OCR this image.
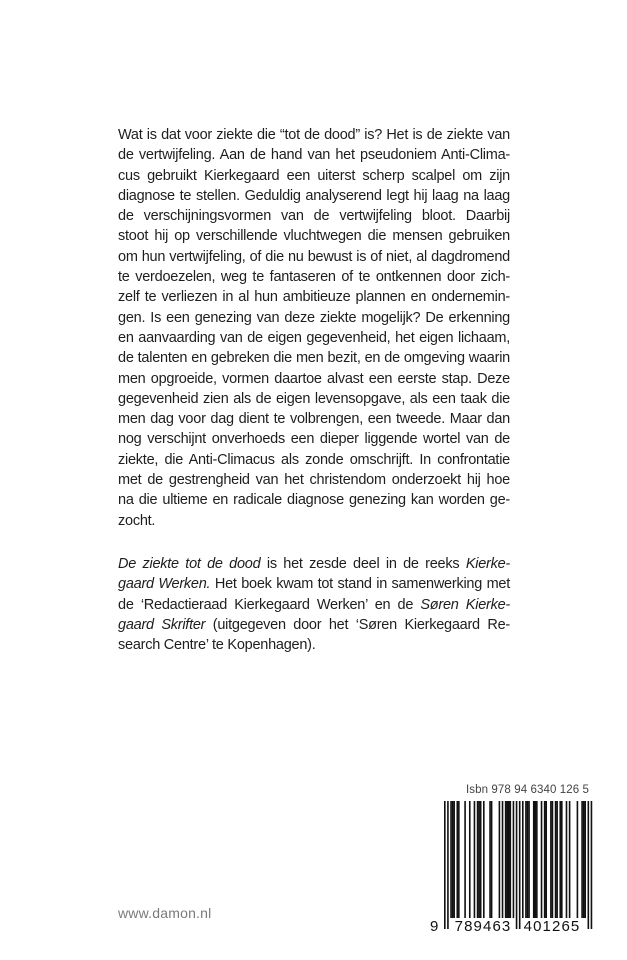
Wat is dat voor ziekte die “tot de dood” is? Het is de ziekte van
de vertwijfeling. Aan de hand van het pseudoniem Anti-Clima-
cus gebruikt Kierkegaard een uiterst scherp scalpel om zijn
diagnose te stellen. Geduldig analyserend legt hij laag na laag
de verschijningsvormen van de vertwijfeling bloot. Daarbij
stoot hij op verschillende vluchtwegen die mensen gebruiken
om hun vertwijfeling, of die nu bewust is of niet, al dagdromend
te verdoezelen, weg te fantaseren of te ontkennen door zich-
zelf te verliezen in al hun ambitieuze plannen en ondernemin-
gen. Is een genezing van deze ziekte mogelijk? De erkenning
en aanvaarding van de eigen gegevenheid, het eigen lichaam,
de talenten en gebreken die men bezit, en de omgeving waarin
men opgroeide, vormen daartoe alvast een eerste stap. Deze
gegevenheid zien als de eigen levensopgave, als een taak die
men dag voor dag dient te volbrengen, een tweede. Maar dan
nog verschijnt onverhoeds een dieper liggende wortel van de
ziekte, die Anti-Climacus als zonde omschrijft. In confrontatie
met de gestrengheid van het christendom onderzoekt hij hoe
na die ultieme en radicale diagnose genezing kan worden ge-
zocht.
De ziekte tot de dood is het zesde deel in de reeks Kierke-
gaard Werken. Het boek kwam tot stand in samenwerking met
de ‘Redactieraad Kierkegaard Werken’ en de Søren Kierke-
gaard Skrifter (uitgegeven door het ‘Søren Kierkegaard Re-
search Centre’ te Kopenhagen).
www.damon.nl
Isbn 978 94 6340 126 5
9 789463 401265
